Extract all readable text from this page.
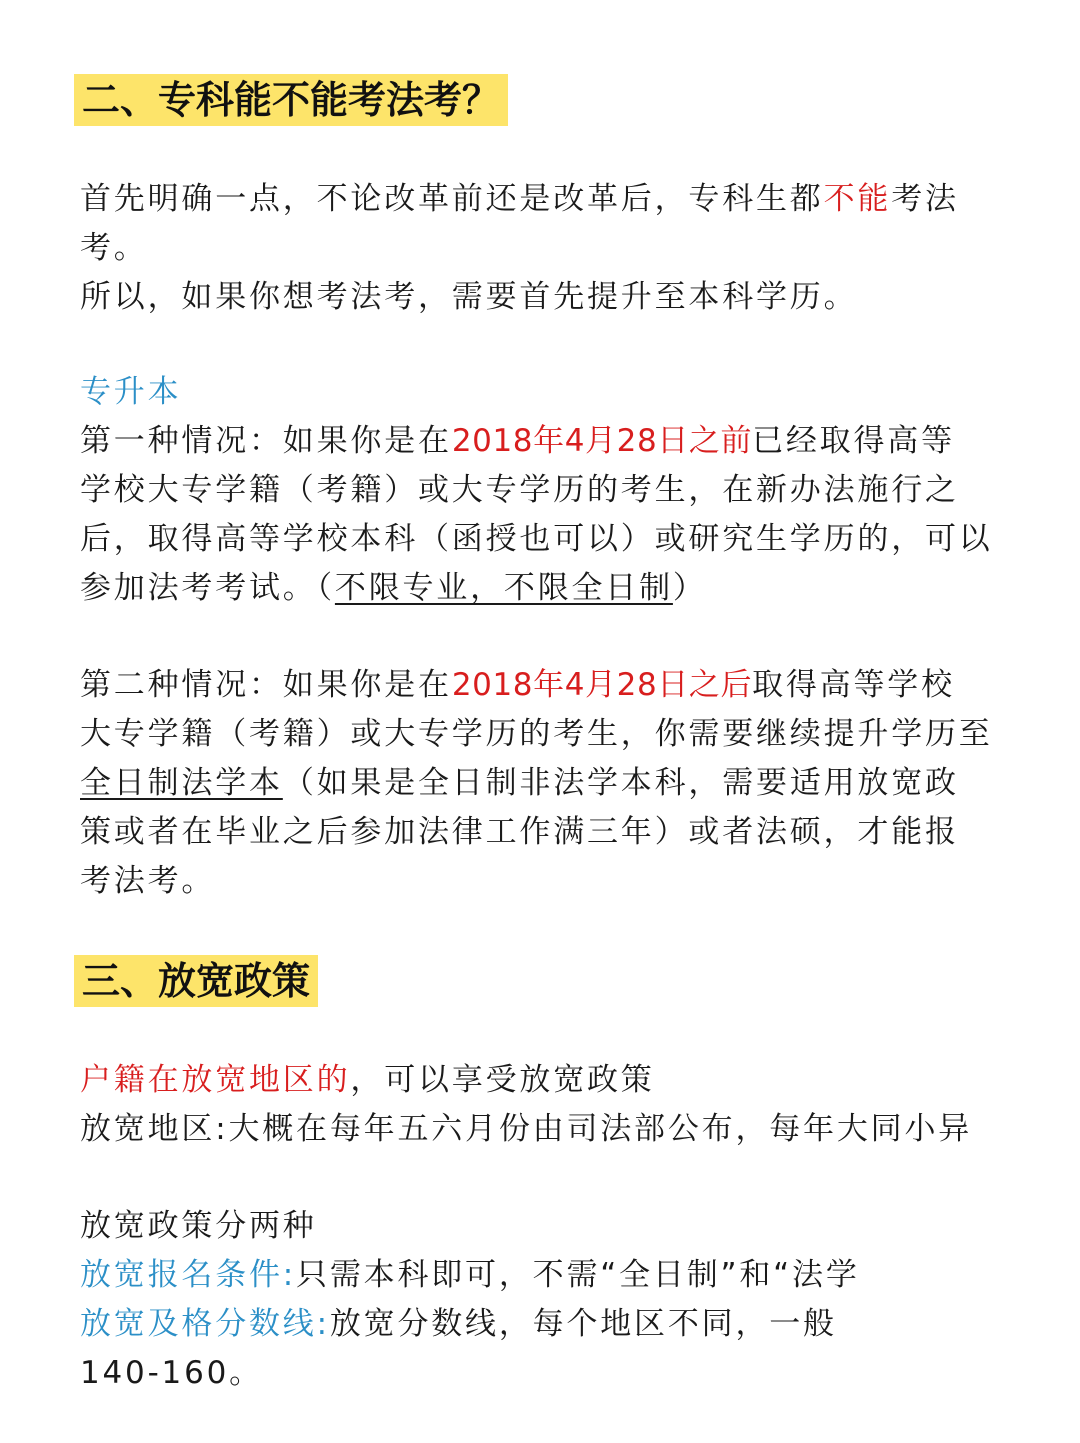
二、专科能不能考法考？
首先明确一点，不论改革前还是改革后，专科生都不能考法
考。
所以，如果你想考法考，需要首先提升至本科学历。
专升本
第一种情况：如果你是在2018年4月28日之前已经取得高等
学校大专学籍（考籍）或大专学历的考生，在新办法施行之
后，取得高等学校本科（函授也可以）或研究生学历的，可以
参加法考考试。（不限专业，不限全日制）
第二种情况：如果你是在2018年4月28日之后取得高等学校
大专学籍（考籍）或大专学历的考生，你需要继续提升学历至
全日制法学本（如果是全日制非法学本科，需要适用放宽政
策或者在毕业之后参加法律工作满三年）或者法硕，才能报
考法考。
三、放宽政策
户籍在放宽地区的，可以享受放宽政策
放宽地区:大概在每年五六月份由司法部公布，每年大同小异
放宽政策分两种
放宽报名条件:只需本科即可，不需“全日制”和“法学
放宽及格分数线:放宽分数线，每个地区不同，一般
140-160。
